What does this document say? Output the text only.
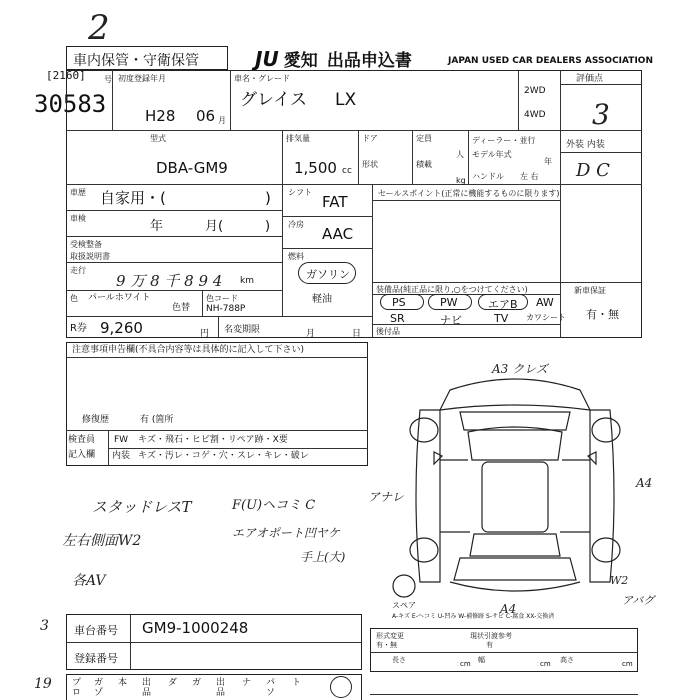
2
車内保管・守衛保管	JU 愛知 出品申込書	JAPAN USED CAR DEALERS ASSOCIATION
[2160] 号
30583
初度登録年月
H28 06 月
車名・グレード
グレイス LX	2WD
4WD
評価点
3
外装 内装
D C
型式
DBA-GM9
排気量
1,500 cc
ドア
形状
定員
人
積載
kg
ディーラー・並行
モデル年式
年
ハンドル 左 右
車歴 自家用・(	)
車検
年	月(	)
受検整备
取扱説明書
走行
9 万 8 千 8 9 4 km
色 パールホワイト
色替
色コード
NH-788P
R券 9,260	円 名変期限	月	日
シフト
FAT
冷房
AAC
燃料
ガソリン
軽油
セールスポイント(正常に機能するものに限ります)
装備品(純正品に限り,○をつけてください)
PS	PW	エアB AW
SR	ナビ	TV カワシート
後付品
新車保証
有・無
注意事項申告欄(不具合内容等は具体的に記入して下さい)
修復歴	有 (箇所
検査員
記入欄
FW キズ・飛石・ヒビ割・リペア跡・X要
内装 キズ・汚レ・コゲ・穴・スレ・キレ・破レ
スタッドレスT	F(U)ヘコミ C
左右側面W2	エアオポート凹ヤケ
手上(大)
各AV
A3 クレズ
アナレ
A4
A4
W2
アバグ
スペア
A-キズ E-ヘコミ U-凹み W-補修跡 S-サビ C-腐食 XX-交換済
3 車台番号 GM9-1000248
登録番号
19 プロ
ガゾ
本 出品
ダ ガ 出品
ナ パソ
ト
形式変更
有・無
現状引渡参考
有
長さ	cm 幅	cm 高さ	cm
